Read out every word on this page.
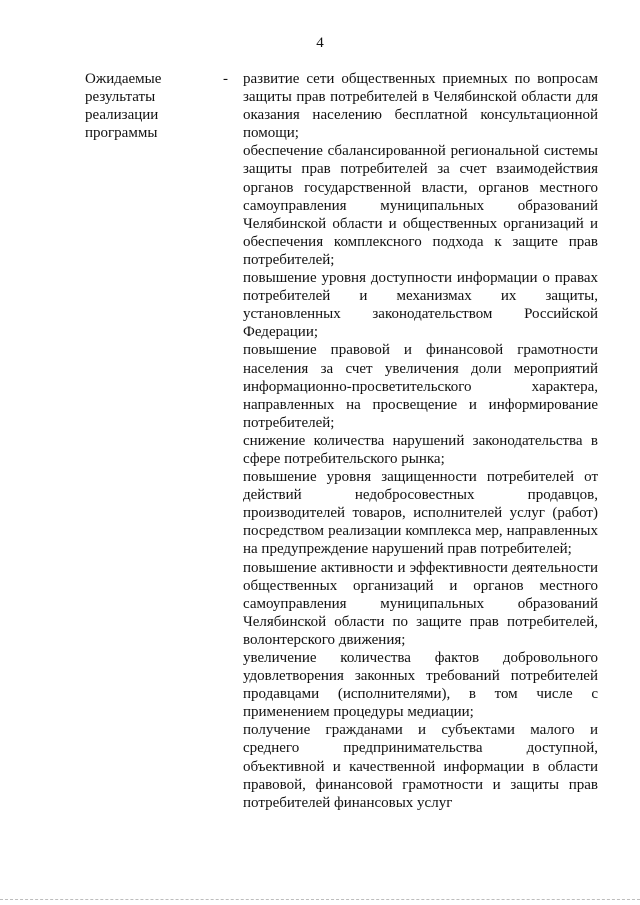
4
Ожидаемые
результаты
реализации
программы
- развитие сети общественных приемных по вопросам защиты прав потребителей в Челябинской области для оказания населению бесплатной консультационной помощи;

обеспечение сбалансированной региональной системы защиты прав потребителей за счет взаимодействия органов государственной власти, органов местного самоуправления муниципальных образований Челябинской области и общественных организаций и обеспечения комплексного подхода к защите прав потребителей;

повышение уровня доступности информации о правах потребителей и механизмах их защиты, установленных законодательством Российской Федерации;

повышение правовой и финансовой грамотности населения за счет увеличения доли мероприятий информационно-просветительского характера, направленных на просвещение и информирование потребителей;

снижение количества нарушений законодательства в сфере потребительского рынка;

повышение уровня защищенности потребителей от действий недобросовестных продавцов, производителей товаров, исполнителей услуг (работ) посредством реализации комплекса мер, направленных на предупреждение нарушений прав потребителей;

повышение активности и эффективности деятельности общественных организаций и органов местного самоуправления муниципальных образований Челябинской области по защите прав потребителей, волонтерского движения;

увеличение количества фактов добровольного удовлетворения законных требований потребителей продавцами (исполнителями), в том числе с применением процедуры медиации;

получение гражданами и субъектами малого и среднего предпринимательства доступной, объективной и качественной информации в области правовой, финансовой грамотности и защиты прав потребителей финансовых услуг
